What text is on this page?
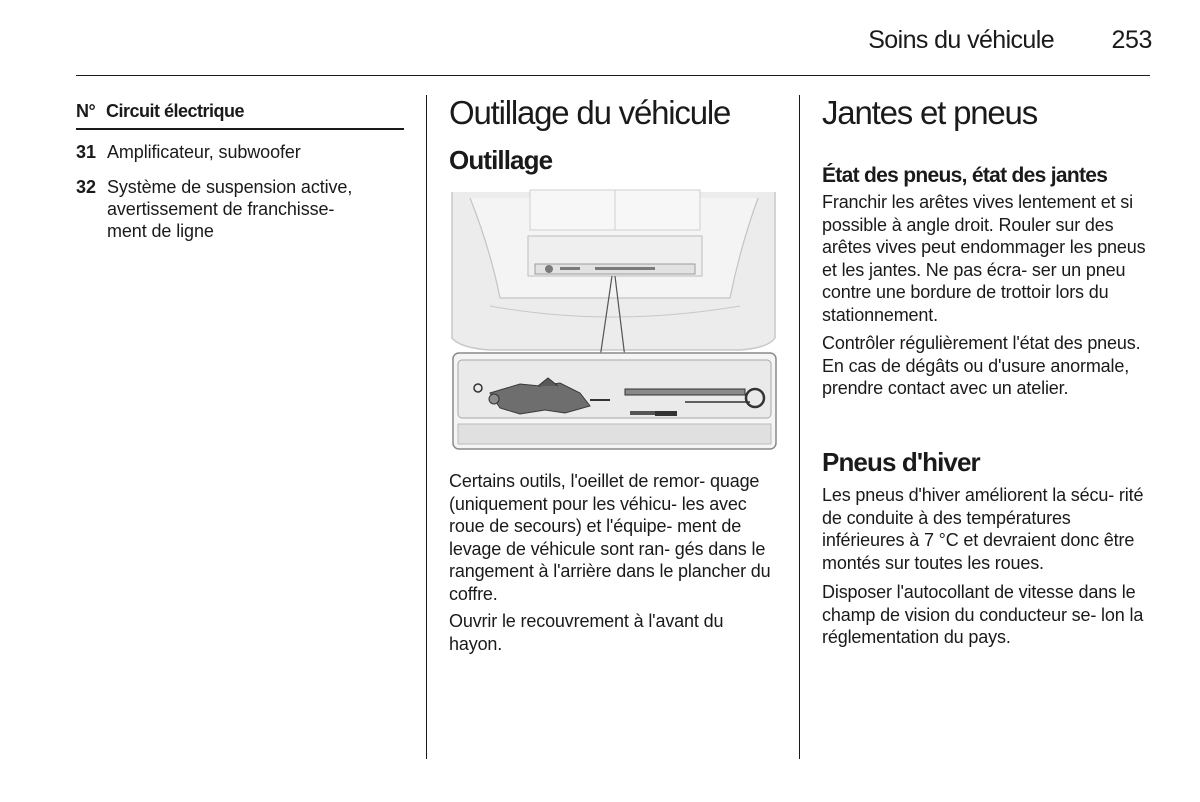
Soins du véhicule	253
N° Circuit électrique
31 Amplificateur, subwoofer
32 Système de suspension active, avertissement de franchisse- ment de ligne
Outillage du véhicule
Outillage

Certains outils, l'oeillet de remor- quage (uniquement pour les véhicu- les avec roue de secours) et l'équipe- ment de levage de véhicule sont ran- gés dans le rangement à l'arrière dans le plancher du coffre.

Ouvrir le recouvrement à l'avant du hayon.

Jantes et pneus
État des pneus, état des jantes

Franchir les arêtes vives lentement et si possible à angle droit. Rouler sur des arêtes vives peut endommager les pneus et les jantes. Ne pas écra- ser un pneu contre une bordure de trottoir lors du stationnement.

Contrôler régulièrement l'état des pneus. En cas de dégâts ou d'usure anormale, prendre contact avec un atelier.

Pneus d'hiver

Les pneus d'hiver améliorent la sécu- rité de conduite à des températures inférieures à 7 °C et devraient donc être montés sur toutes les roues.

Disposer l'autocollant de vitesse dans le champ de vision du conducteur se- lon la réglementation du pays.
